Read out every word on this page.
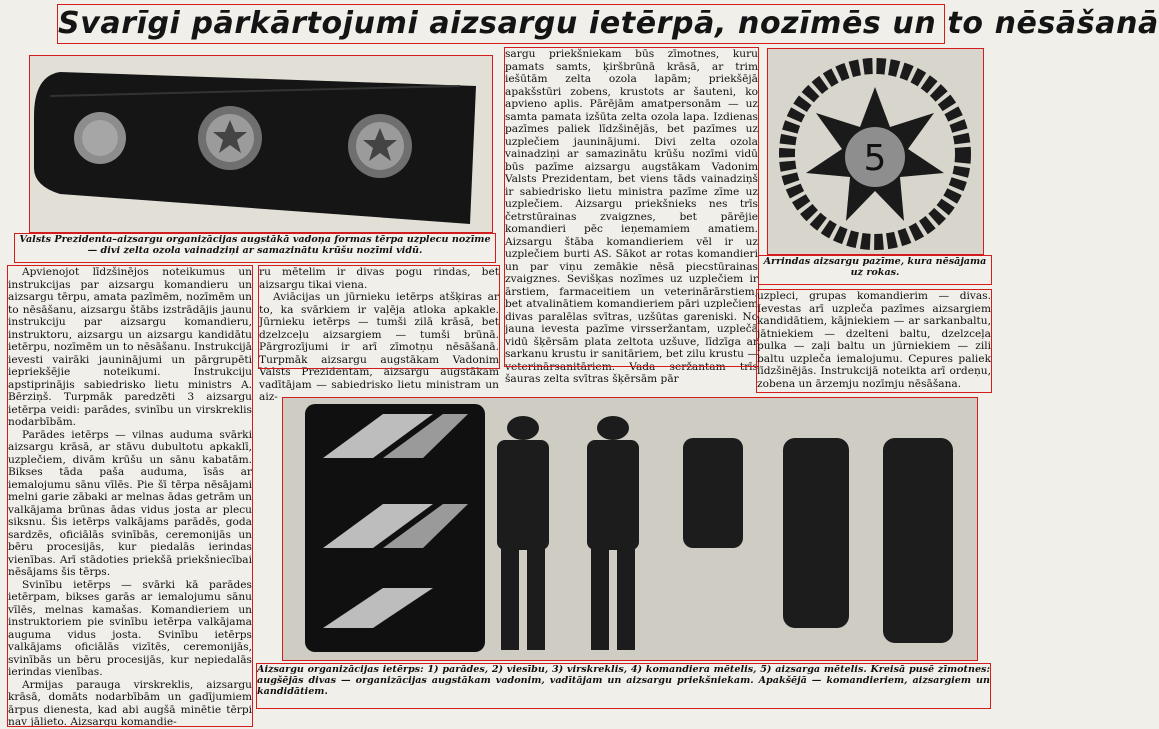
Svarīgi pārkārtojumi aizsargu ietērpā, nozīmēs un to nēsāšanā
Valsts Prezidenta–aizsargu organizācijas augstākā vadoņa formas tērpa uzplecu nozīme — divi zelta ozola vainadziņi ar samazinātu krūšu nozīmi vidū.

sargu priekšniekam būs zīmotnes, kuru pamats samts, ķiršbrūnā krāsā, ar trim iešūtām zelta ozola lapām; priekšējā apakšstūri zobens, krustots ar šauteni, ko apvieno aplis. Pārējām amatpersonām — uz samta pamata izšūta zelta ozola lapa. Izdienas pazīmes paliek līdzšinējās, bet pazīmes uz uzplečiem jauninājumi. Divi zelta ozola vainadziņi ar samazinātu krūšu nozīmi vidū būs pazīme aizsargu augstākam Vadonim Valsts Prezidentam, bet viens tāds vainadziņš ir sabiedrisko lietu ministra pazīme zīme uz uzplečiem. Aizsargu priekšnieks nes trīs četrstūrainas zvaigznes, bet pārējie komandieri pēc ieņemamiem amatiem. Aizsargu štāba komandieriem vēl ir uz uzplečiem burti AS. Sākot ar rotas komandieri un par viņu zemākie nēsā piecstūrainas zvaigznes. Sevišķas nozīmes uz uzplečiem ir ārstiem, farmaceitiem un veterinārārstiem, bet atvalinātiem komandieriem pāri uzplečiem divas paralēlas svītras, uzšūtas gareniski. No jauna ievesta pazīme virsseržantam, uzplečā vidū šķērsām plata zeltota uzšuve, līdzīga ar sarkanu krustu ir sanitāriem, bet zilu krustu — veterinārsanitāriem. Vada seržantam trīs šauras zelta svītras šķērsām pār

5
Arrindas aizsargu pazīme, kura nēsājama uz rokas.

uzpleci, grupas komandierim — divas. Ievestas arī uzpleča pazīmes aizsargiem kandidātiem, kājniekiem — ar sarkanbaltu, jātniekiem — dzelteni baltu, dzelzceļa pulka — zaļi baltu un jūrniekiem — zili baltu uzpleča iemalojumu. Cepures paliek līdzšinējās. Instrukcijā noteikta arī ordeņu, zobena un ārzemju nozīmju nēsāšana.

Apvienojot līdzšinējos noteikumus un instrukcijas par aizsargu komandieru un aizsargu tērpu, amata pazīmēm, nozīmēm un to nēsāšanu, aizsargu štābs izstrādājis jaunu instrukciju par aizsargu komandieru, instruktoru, aizsargu un aizsargu kandidātu ietērpu, nozīmēm un to nēsāšanu. Instrukcijā ievesti vairāki jauninājumi un pārgrupēti iepriekšējie noteikumi. Instrukciju apstiprinājis sabiedrisko lietu ministrs A. Bērziņš. Turpmāk paredzēti 3 aizsargu ietērpa veidi: parādes, svinību un virskreklis nodarbībām.

Parādes ietērps — vilnas auduma svārki aizsargu krāsā, ar stāvu dubultotu apkaklī, uzplečiem, divām krūšu un sānu kabatām. Bikses tāda paša auduma, īsās ar iemalojumu sānu vīlēs. Pie šī tērpa nēsājami melni garie zābaki ar melnas ādas getrām un valkājama brūnas ādas vidus josta ar plecu siksnu. Šis ietērps valkājams parādēs, goda sardzēs, oficiālās svinībās, ceremonijās un bēru procesijās, kur piedalās ierindas vienības. Arī stādoties priekšā priekšniecībai nēsājams šis tērps.

Svinību ietērps — svārki kā parādes ietērpam, bikses garās ar iemalojumu sānu vīlēs, melnas kamašas. Komandieriem un instruktoriem pie svinību ietērpa valkājama auguma vidus josta. Svinību ietērps valkājams oficiālās vizītēs, ceremonijās, svinībās un bēru procesijās, kur nepiedalās ierindas vienības.

Armijas parauga virskreklis, aizsargu krāsā, domāts nodarbībām un gadījumiem ārpus dienesta, kad abi augšā minētie tērpi nav jālieto. Aizsargu komandie-

ru mētelim ir divas pogu rindas, bet aizsargu tikai viena.

Aviācijas un jūrnieku ietērps atšķiras ar to, ka svārkiem ir vaļēja atloka apkakle. Jūrnieku ietērps — tumši zilā krāsā, bet dzelzceļu aizsargiem — tumši brūnā. Pārgrozījumi ir arī zīmotņu nēsāšanā. Turpmāk aizsargu augstākam Vadonim Valsts Prezidentam, aizsargu augstākam vadītājam — sabiedrisko lietu ministram un aiz-

Aizsargu organizācijas ietērps: 1) parādes, 2) viesību, 3) virskreklis, 4) komandiera mētelis, 5) aizsarga mētelis. Kreisā pusē zīmotnes: augšējās divas — organizācijas augstākam vadonim, vadītājam un aizsargu priekšniekam. Apakšējā — komandieriem, aizsargiem un kandidātiem.
